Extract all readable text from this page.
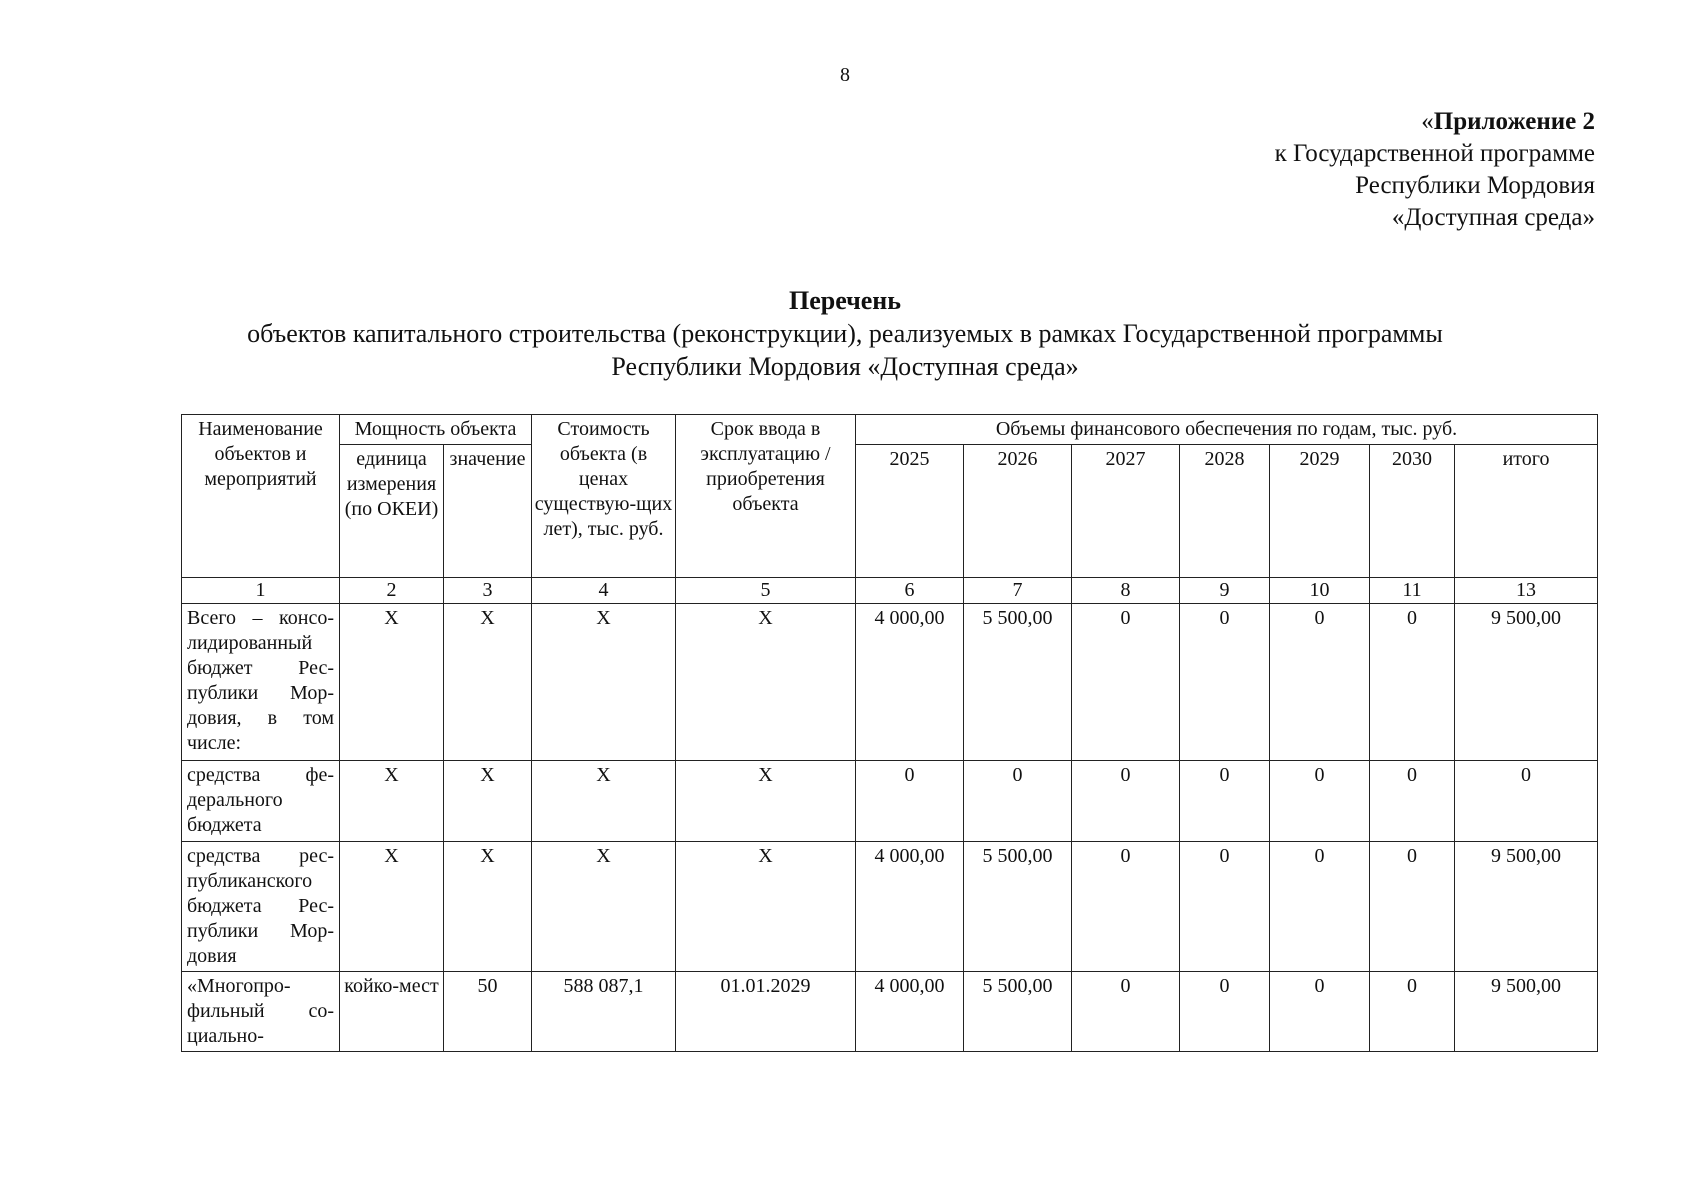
8
«Приложение 2
к Государственной программе
Республики Мордовия
«Доступная среда»
Перечень
объектов капитального строительства (реконструкции), реализуемых в рамках Государственной программы
Республики Мордовия «Доступная среда»
Наименование объектов и мероприятий	Мощность объекта		Стоимость объекта (в ценах существую-щих лет), тыс. руб.	Срок ввода в эксплуатацию / приобретения объекта	Объемы финансового обеспечения по годам, тыс. руб.						
	единица измерения (по ОКЕИ)	значение			2025	2026	2027	2028	2029	2030	итого
1	2	3	4	5	6	7	8	9	10	11	13
Всего – консо-лидированный бюджет Рес-публики Мор-довия, в том числе:	X	X	X	X	4 000,00	5 500,00	0	0	0	0	9 500,00
средства фе-дерального бюджета	X	X	X	X	0	0	0	0	0	0	0
средства рес-публиканского бюджета Рес-публики Мор-довия	X	X	X	X	4 000,00	5 500,00	0	0	0	0	9 500,00
«Многопро-фильный со-циально-	койко-мест	50	588 087,1	01.01.2029	4 000,00	5 500,00	0	0	0	0	9 500,00
